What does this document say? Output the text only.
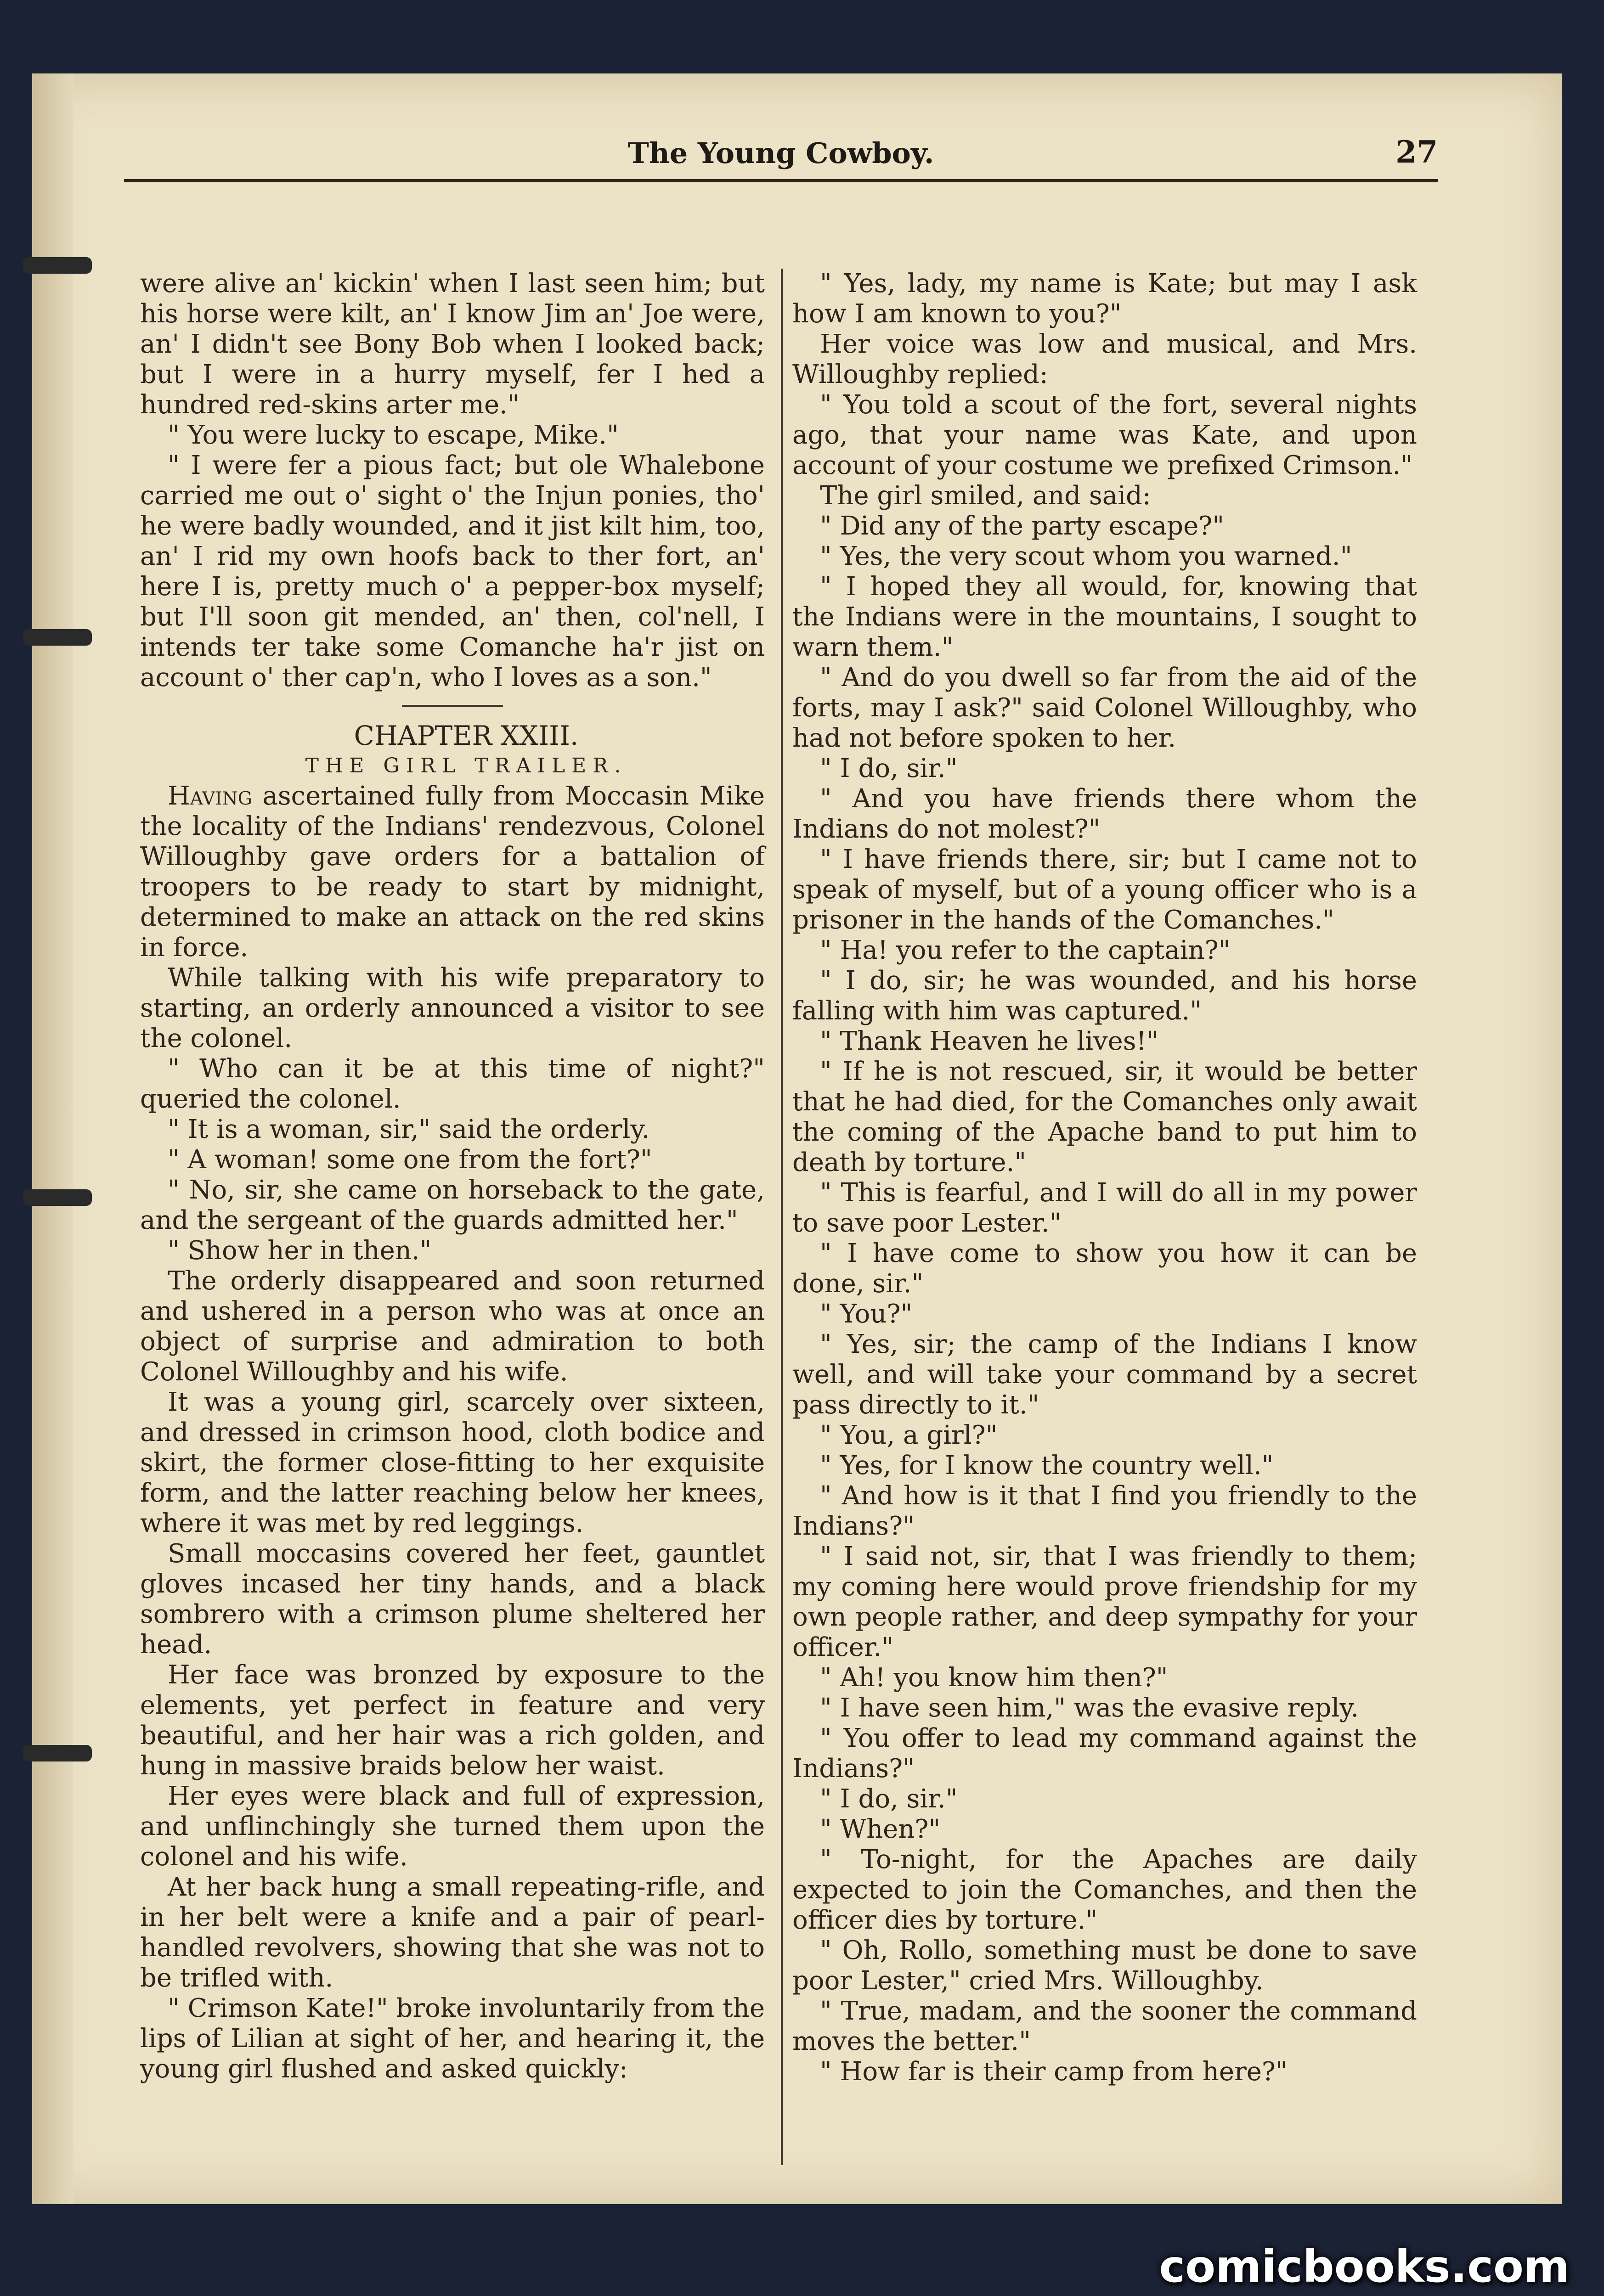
The Young Cowboy.	27

were alive an' kickin' when I last seen him; but his horse were kilt, an' I know Jim an' Joe were, an' I didn't see Bony Bob when I looked back; but I were in a hurry myself, fer I hed a hundred red-skins arter me."

" You were lucky to escape, Mike."

" I were fer a pious fact; but ole Whalebone carried me out o' sight o' the Injun ponies, tho' he were badly wounded, and it jist kilt him, too, an' I rid my own hoofs back to ther fort, an' here I is, pretty much o' a pepper-box myself; but I'll soon git mended, an' then, col'nell, I intends ter take some Comanche ha'r jist on account o' ther cap'n, who I loves as a son."

CHAPTER XXIII.

THE GIRL TRAILER.

Having ascertained fully from Moccasin Mike the locality of the Indians' rendezvous, Colonel Willoughby gave orders for a battalion of troopers to be ready to start by midnight, determined to make an attack on the red skins in force.

While talking with his wife preparatory to starting, an orderly announced a visitor to see the colonel.

" Who can it be at this time of night?" queried the colonel.

" It is a woman, sir," said the orderly.

" A woman! some one from the fort?"

" No, sir, she came on horseback to the gate, and the sergeant of the guards admitted her."

" Show her in then."

The orderly disappeared and soon returned and ushered in a person who was at once an object of surprise and admiration to both Colonel Willoughby and his wife.

It was a young girl, scarcely over sixteen, and dressed in crimson hood, cloth bodice and skirt, the former close-fitting to her exquisite form, and the latter reaching below her knees, where it was met by red leggings.

Small moccasins covered her feet, gauntlet gloves incased her tiny hands, and a black sombrero with a crimson plume sheltered her head.

Her face was bronzed by exposure to the elements, yet perfect in feature and very beautiful, and her hair was a rich golden, and hung in massive braids below her waist.

Her eyes were black and full of expression, and unflinchingly she turned them upon the colonel and his wife.

At her back hung a small repeating-rifle, and in her belt were a knife and a pair of pearl-handled revolvers, showing that she was not to be trifled with.

" Crimson Kate!" broke involuntarily from the lips of Lilian at sight of her, and hearing it, the young girl flushed and asked quickly:

" Yes, lady, my name is Kate; but may I ask how I am known to you?"

Her voice was low and musical, and Mrs. Willoughby replied:

" You told a scout of the fort, several nights ago, that your name was Kate, and upon account of your costume we prefixed Crimson."

The girl smiled, and said:

" Did any of the party escape?"

" Yes, the very scout whom you warned."

" I hoped they all would, for, knowing that the Indians were in the mountains, I sought to warn them."

" And do you dwell so far from the aid of the forts, may I ask?" said Colonel Willoughby, who had not before spoken to her.

" I do, sir."

" And you have friends there whom the Indians do not molest?"

" I have friends there, sir; but I came not to speak of myself, but of a young officer who is a prisoner in the hands of the Comanches."

" Ha! you refer to the captain?"

" I do, sir; he was wounded, and his horse falling with him was captured."

" Thank Heaven he lives!"

" If he is not rescued, sir, it would be better that he had died, for the Comanches only await the coming of the Apache band to put him to death by torture."

" This is fearful, and I will do all in my power to save poor Lester."

" I have come to show you how it can be done, sir."

" You?"

" Yes, sir; the camp of the Indians I know well, and will take your command by a secret pass directly to it."

" You, a girl?"

" Yes, for I know the country well."

" And how is it that I find you friendly to the Indians?"

" I said not, sir, that I was friendly to them; my coming here would prove friendship for my own people rather, and deep sympathy for your officer."

" Ah! you know him then?"

" I have seen him," was the evasive reply.

" You offer to lead my command against the Indians?"

" I do, sir."

" When?"

" To-night, for the Apaches are daily expected to join the Comanches, and then the officer dies by torture."

" Oh, Rollo, something must be done to save poor Lester," cried Mrs. Willoughby.

" True, madam, and the sooner the command moves the better."

" How far is their camp from here?"

comicbooks.com
